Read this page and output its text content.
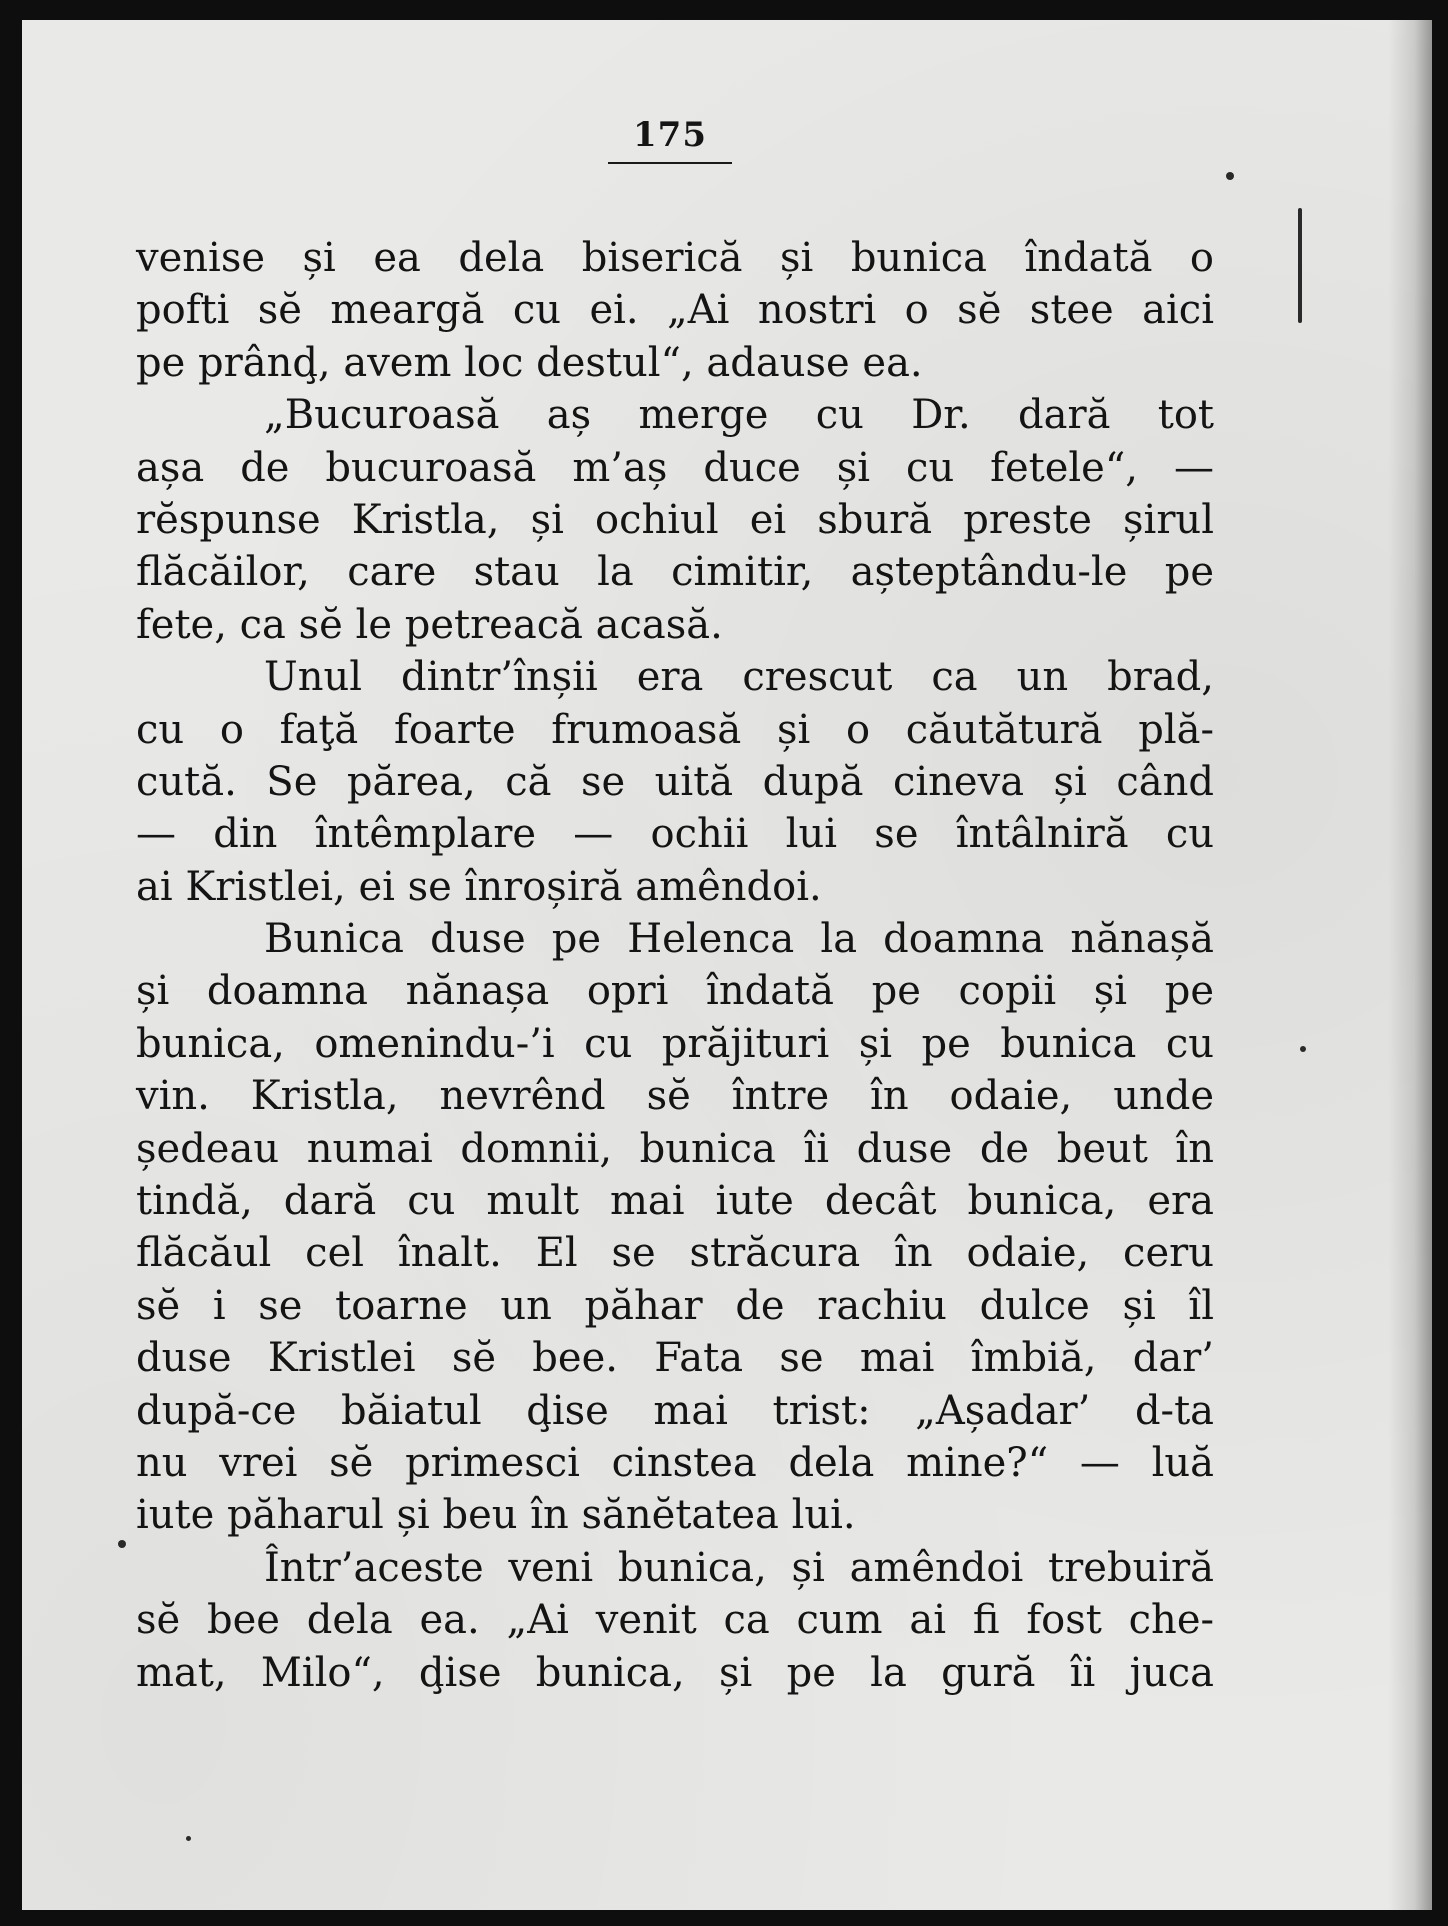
175
venise și ea dela biserică și bunica îndată o
pofti sĕ meargă cu ei. „Ai nostri o sĕ stee aici
pe prânḑ, avem loc destul“, adause ea.
„Bucuroasă aș merge cu Dr. dară tot
așa de bucuroasă m’aș duce și cu fetele“, —
rĕspunse Kristla, și ochiul ei sbură preste șirul
flăcăilor, care stau la cimitir, așteptându-le pe
fete, ca sĕ le petreacă acasă.
Unul dintr’înșii era crescut ca un brad,
cu o faţă foarte frumoasă și o căutătură plă-
cută. Se părea, că se uită după cineva și când
— din întêmplare — ochii lui se întâlniră cu
ai Kristlei, ei se înroșiră amêndoi.
Bunica duse pe Helenca la doamna nănașă
și doamna nănașa opri îndată pe copii și pe
bunica, omenindu-’i cu prăjituri și pe bunica cu
vin. Kristla, nevrênd sĕ între în odaie, unde
ședeau numai domnii, bunica îi duse de beut în
tindă, dară cu mult mai iute decât bunica, era
flăcăul cel înalt. El se străcura în odaie, ceru
sĕ i se toarne un păhar de rachiu dulce și îl
duse Kristlei sĕ bee. Fata se mai îmbiă, dar’
după-ce băiatul ḑise mai trist: „Așadar’ d-ta
nu vrei sĕ primesci cinstea dela mine?“ — luă
iute păharul și beu în sănĕtatea lui.
Într’aceste veni bunica, și amêndoi trebuiră
sĕ bee dela ea. „Ai venit ca cum ai fi fost che-
mat, Milo“, ḑise bunica, și pe la gură îi juca
